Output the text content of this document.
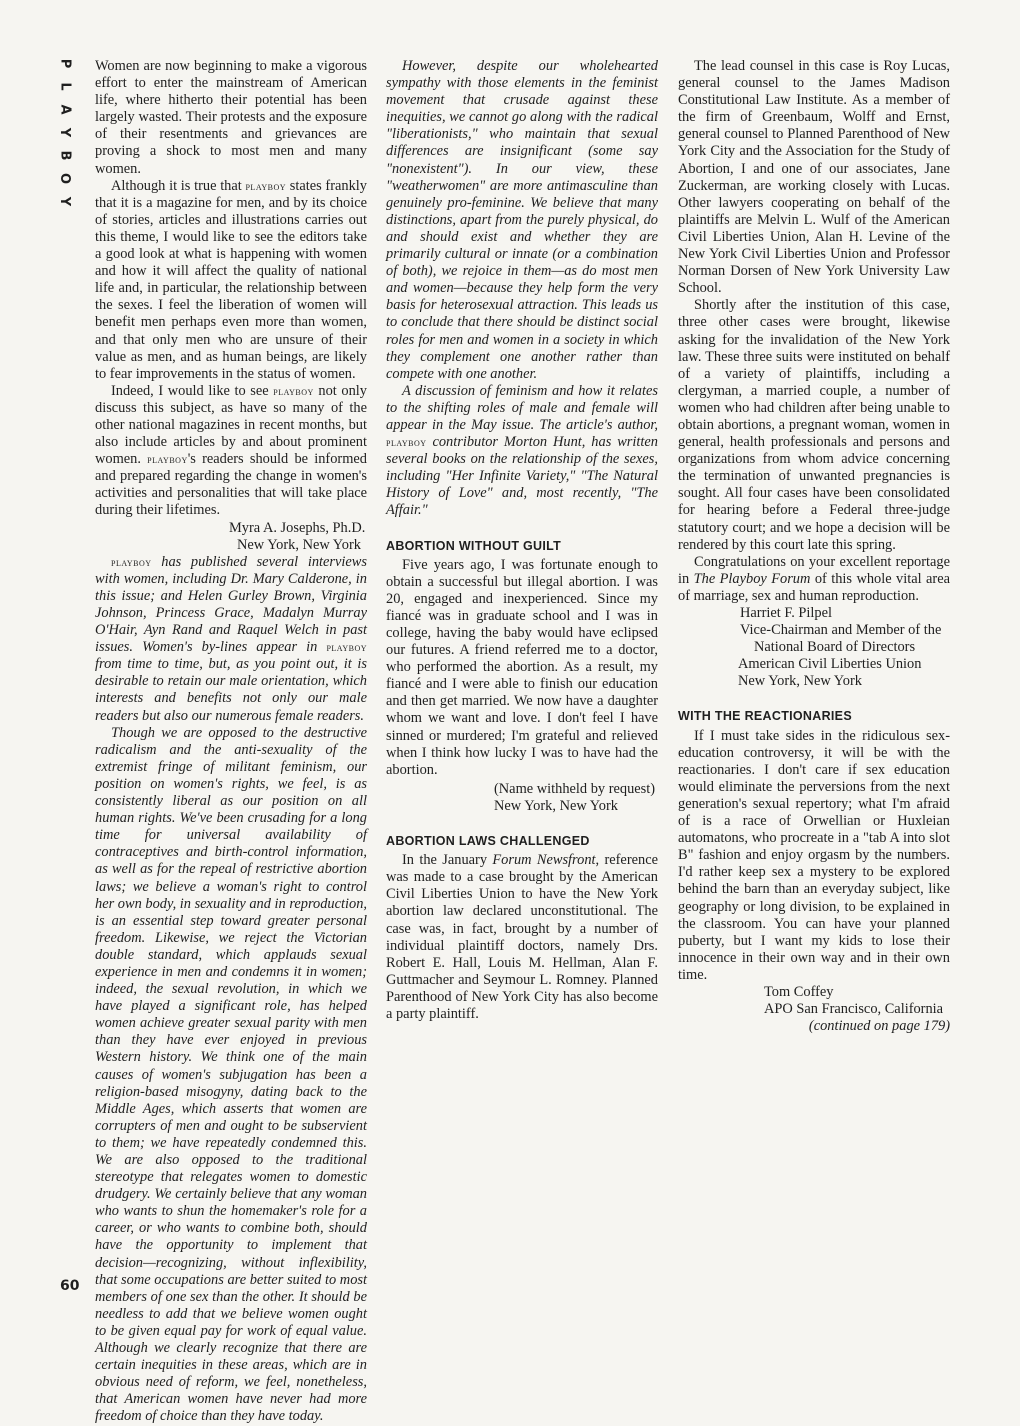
P
L
A
Y
B
O
Y
60

Women are now beginning to make a vigorous effort to enter the mainstream of American life, where hitherto their potential has been largely wasted. Their protests and the exposure of their resentments and grievances are proving a shock to most men and many women.

Although it is true that playboy states frankly that it is a magazine for men, and by its choice of stories, articles and illustrations carries out this theme, I would like to see the editors take a good look at what is happening with women and how it will affect the quality of national life and, in particular, the relationship between the sexes. I feel the liberation of women will benefit men perhaps even more than women, and that only men who are unsure of their value as men, and as human beings, are likely to fear improvements in the status of women.

Indeed, I would like to see playboy not only discuss this subject, as have so many of the other national magazines in recent months, but also include articles by and about prominent women. playboy's readers should be informed and prepared regarding the change in women's activities and personalities that will take place during their lifetimes.

Myra A. Josephs, Ph.D.

New York, New York

playboy has published several interviews with women, including Dr. Mary Calderone, in this issue; and Helen Gurley Brown, Virginia Johnson, Princess Grace, Madalyn Murray O'Hair, Ayn Rand and Raquel Welch in past issues. Women's by-lines appear in playboy from time to time, but, as you point out, it is desirable to retain our male orientation, which interests and benefits not only our male readers but also our numerous female readers.

Though we are opposed to the destructive radicalism and the anti-sexuality of the extremist fringe of militant feminism, our position on women's rights, we feel, is as consistently liberal as our position on all human rights. We've been crusading for a long time for universal availability of contraceptives and birth-control information, as well as for the repeal of restrictive abortion laws; we believe a woman's right to control her own body, in sexuality and in reproduction, is an essential step toward greater personal freedom. Likewise, we reject the Victorian double standard, which applauds sexual experience in men and condemns it in women; indeed, the sexual revolution, in which we have played a significant role, has helped women achieve greater sexual parity with men than they have ever enjoyed in previous Western history. We think one of the main causes of women's subjugation has been a religion-based misogyny, dating back to the Middle Ages, which asserts that women are corrupters of men and ought to be subservient to them; we have repeatedly condemned this. We are also opposed to the traditional stereotype that relegates women to domestic drudgery. We certainly believe that any woman who wants to shun the homemaker's role for a career, or who wants to combine both, should have the opportunity to implement that decision—recognizing, without inflexibility, that some occupations are better suited to most members of one sex than the other. It should be needless to add that we believe women ought to be given equal pay for work of equal value. Although we clearly recognize that there are certain inequities in these areas, which are in obvious need of reform, we feel, nonetheless, that American women have never had more freedom of choice than they have today.

However, despite our wholehearted sympathy with those elements in the feminist movement that crusade against these inequities, we cannot go along with the radical "liberationists," who maintain that sexual differences are insignificant (some say "nonexistent"). In our view, these "weatherwomen" are more antimasculine than genuinely pro-feminine. We believe that many distinctions, apart from the purely physical, do and should exist and whether they are primarily cultural or innate (or a combination of both), we rejoice in them—as do most men and women—because they help form the very basis for heterosexual attraction. This leads us to conclude that there should be distinct social roles for men and women in a society in which they complement one another rather than compete with one another.

A discussion of feminism and how it relates to the shifting roles of male and female will appear in the May issue. The article's author, playboy contributor Morton Hunt, has written several books on the relationship of the sexes, including "Her Infinite Variety," "The Natural History of Love" and, most recently, "The Affair."

ABORTION WITHOUT GUILT

Five years ago, I was fortunate enough to obtain a successful but illegal abortion. I was 20, engaged and inexperienced. Since my fiancé was in graduate school and I was in college, having the baby would have eclipsed our futures. A friend referred me to a doctor, who performed the abortion. As a result, my fiancé and I were able to finish our education and then get married. We now have a daughter whom we want and love. I don't feel I have sinned or murdered; I'm grateful and relieved when I think how lucky I was to have had the abortion.

(Name withheld by request)

New York, New York

ABORTION LAWS CHALLENGED

In the January Forum Newsfront, reference was made to a case brought by the American Civil Liberties Union to have the New York abortion law declared unconstitutional. The case was, in fact, brought by a number of individual plaintiff doctors, namely Drs. Robert E. Hall, Louis M. Hellman, Alan F. Guttmacher and Seymour L. Romney. Planned Parenthood of New York City has also become a party plaintiff.

The lead counsel in this case is Roy Lucas, general counsel to the James Madison Constitutional Law Institute. As a member of the firm of Greenbaum, Wolff and Ernst, general counsel to Planned Parenthood of New York City and the Association for the Study of Abortion, I and one of our associates, Jane Zuckerman, are working closely with Lucas. Other lawyers cooperating on behalf of the plaintiffs are Melvin L. Wulf of the American Civil Liberties Union, Alan H. Levine of the New York Civil Liberties Union and Professor Norman Dorsen of New York University Law School.

Shortly after the institution of this case, three other cases were brought, likewise asking for the invalidation of the New York law. These three suits were instituted on behalf of a variety of plaintiffs, including a clergyman, a married couple, a number of women who had children after being unable to obtain abortions, a pregnant woman, women in general, health professionals and persons and organizations from whom advice concerning the termination of unwanted pregnancies is sought. All four cases have been consolidated for hearing before a Federal three-judge statutory court; and we hope a decision will be rendered by this court late this spring.

Congratulations on your excellent reportage in The Playboy Forum of this whole vital area of marriage, sex and human reproduction.

Harriet F. Pilpel

Vice-Chairman and Member of the

National Board of Directors

American Civil Liberties Union

New York, New York

WITH THE REACTIONARIES

If I must take sides in the ridiculous sex-education controversy, it will be with the reactionaries. I don't care if sex education would eliminate the perversions from the next generation's sexual repertory; what I'm afraid of is a race of Orwellian or Huxleian automatons, who procreate in a "tab A into slot B" fashion and enjoy orgasm by the numbers. I'd rather keep sex a mystery to be explored behind the barn than an everyday subject, like geography or long division, to be explained in the classroom. You can have your planned puberty, but I want my kids to lose their innocence in their own way and in their own time.

Tom Coffey

APO San Francisco, California

(continued on page 179)
